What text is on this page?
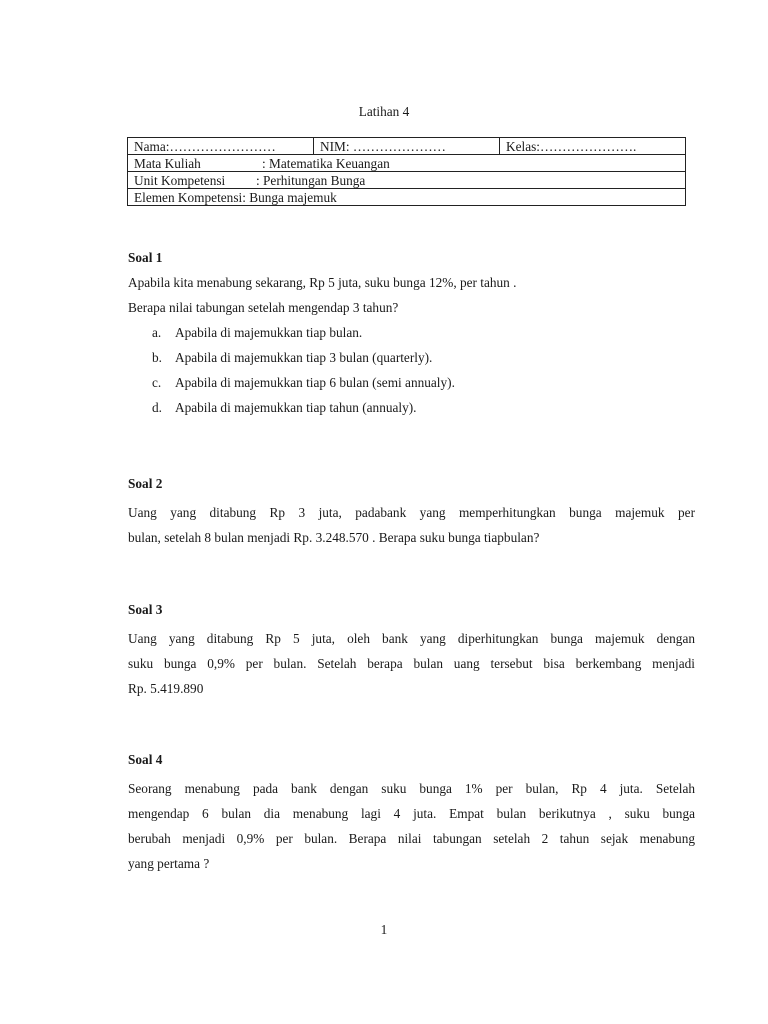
Latihan 4
Nama:……………………	NIM: …………………	Kelas:………………….
Mata Kuliah	: Matematika Keuangan
Unit Kompetensi : Perhitungan Bunga
Elemen Kompetensi: Bunga majemuk
Soal 1

Apabila kita menabung sekarang, Rp 5 juta, suku bunga 12%, per tahun .

Berapa nilai tabungan setelah mengendap 3 tahun?

a. Apabila di majemukkan tiap bulan.
b. Apabila di majemukkan tiap 3 bulan (quarterly).
c. Apabila di majemukkan tiap 6 bulan (semi annualy).
d. Apabila di majemukkan tiap tahun (annualy).
Soal 2

Uang yang ditabung Rp 3 juta, padabank yang memperhitungkan bunga majemuk per

bulan, setelah 8 bulan menjadi Rp. 3.248.570 . Berapa suku bunga tiapbulan?

Soal 3

Uang yang ditabung Rp 5 juta, oleh bank yang diperhitungkan bunga majemuk dengan

suku bunga 0,9% per bulan. Setelah berapa bulan uang tersebut bisa berkembang menjadi

Rp. 5.419.890

Soal 4

Seorang menabung pada bank dengan suku bunga 1% per bulan, Rp 4 juta. Setelah

mengendap 6 bulan dia menabung lagi 4 juta. Empat bulan berikutnya , suku bunga

berubah menjadi 0,9% per bulan. Berapa nilai tabungan setelah 2 tahun sejak menabung

yang pertama ?

1
